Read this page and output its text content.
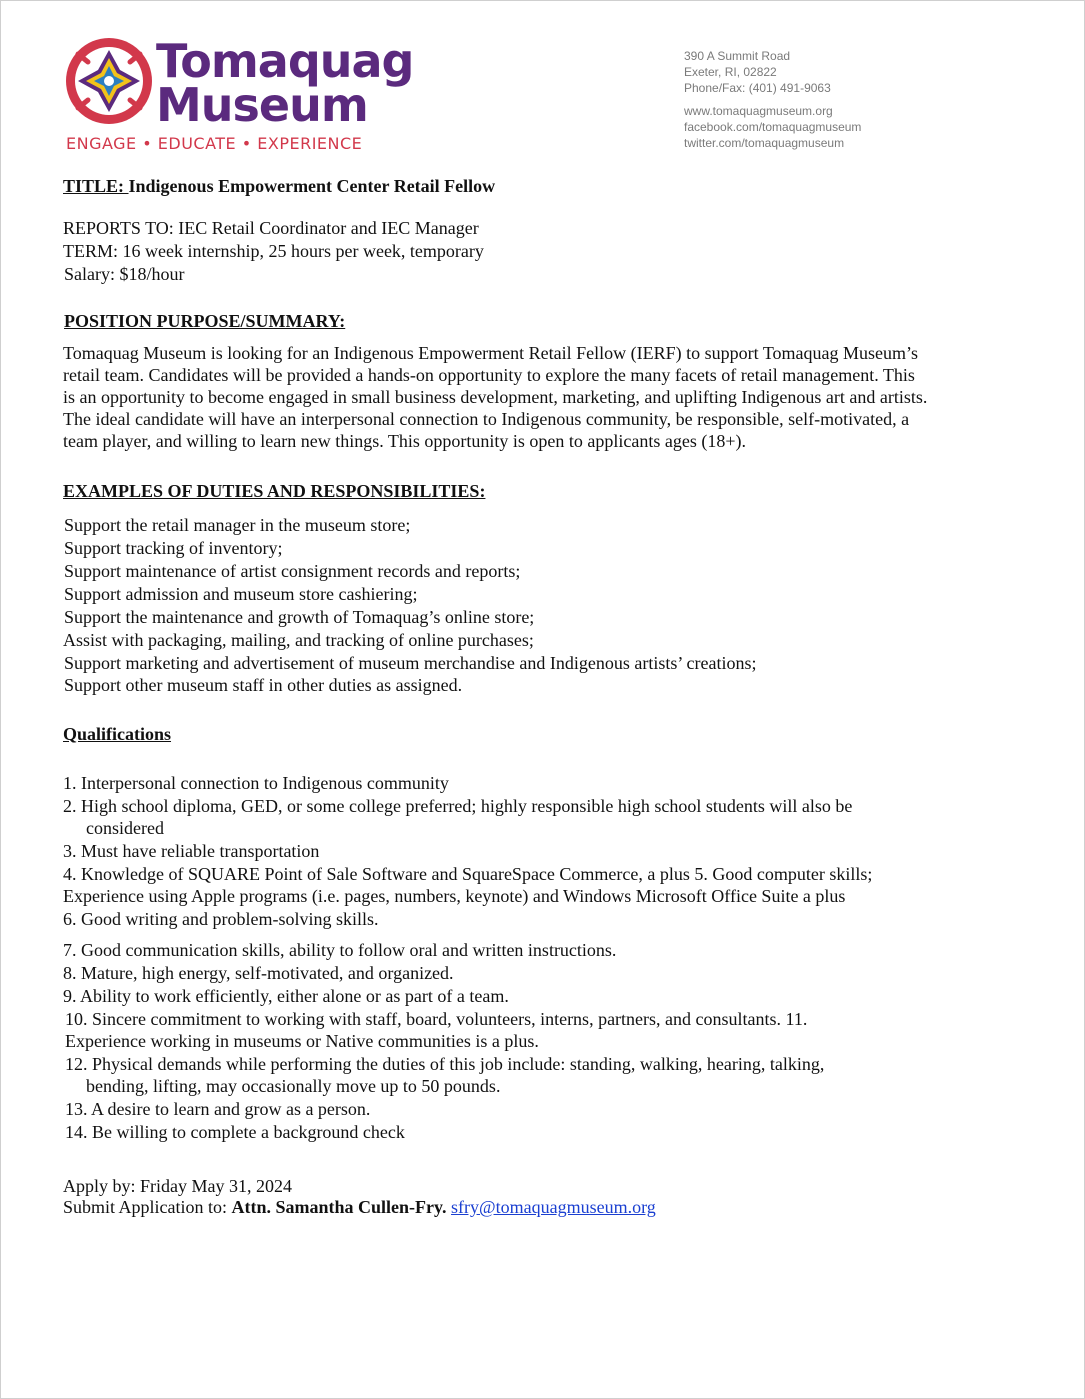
Tomaquag
Museum
ENGAGE • EDUCATE • EXPERIENCE
390 A Summit Road
Exeter, RI, 02822
Phone/Fax: (401) 491-9063
www.tomaquagmuseum.org
facebook.com/tomaquagmuseum
twitter.com/tomaquagmuseum
TITLE: Indigenous Empowerment Center Retail Fellow
REPORTS TO: IEC Retail Coordinator and IEC Manager
TERM: 16 week internship, 25 hours per week, temporary
Salary: $18/hour
POSITION PURPOSE/SUMMARY:
Tomaquag Museum is looking for an Indigenous Empowerment Retail Fellow (IERF) to support Tomaquag Museum’s
retail team. Candidates will be provided a hands-on opportunity to explore the many facets of retail management. This
is an opportunity to become engaged in small business development, marketing, and uplifting Indigenous art and artists.
The ideal candidate will have an interpersonal connection to Indigenous community, be responsible, self-motivated, a
team player, and willing to learn new things. This opportunity is open to applicants ages (18+).
EXAMPLES OF DUTIES AND RESPONSIBILITIES:
Support the retail manager in the museum store;
Support tracking of inventory;
Support maintenance of artist consignment records and reports;
Support admission and museum store cashiering;
Support the maintenance and growth of Tomaquag’s online store;
Assist with packaging, mailing, and tracking of online purchases;
Support marketing and advertisement of museum merchandise and Indigenous artists’ creations;
Support other museum staff in other duties as assigned.
Qualifications
1. Interpersonal connection to Indigenous community
2. High school diploma, GED, or some college preferred; highly responsible high school students will also be
considered
3. Must have reliable transportation
4. Knowledge of SQUARE Point of Sale Software and SquareSpace Commerce, a plus 5. Good computer skills;
Experience using Apple programs (i.e. pages, numbers, keynote) and Windows Microsoft Office Suite a plus
6. Good writing and problem-solving skills.
7. Good communication skills, ability to follow oral and written instructions.
8. Mature, high energy, self-motivated, and organized.
9. Ability to work efficiently, either alone or as part of a team.
10. Sincere commitment to working with staff, board, volunteers, interns, partners, and consultants. 11.
Experience working in museums or Native communities is a plus.
12. Physical demands while performing the duties of this job include: standing, walking, hearing, talking,
bending, lifting, may occasionally move up to 50 pounds.
13. A desire to learn and grow as a person.
14. Be willing to complete a background check
Apply by: Friday May 31, 2024
Submit Application to: Attn. Samantha Cullen-Fry. sfry@tomaquagmuseum.org
